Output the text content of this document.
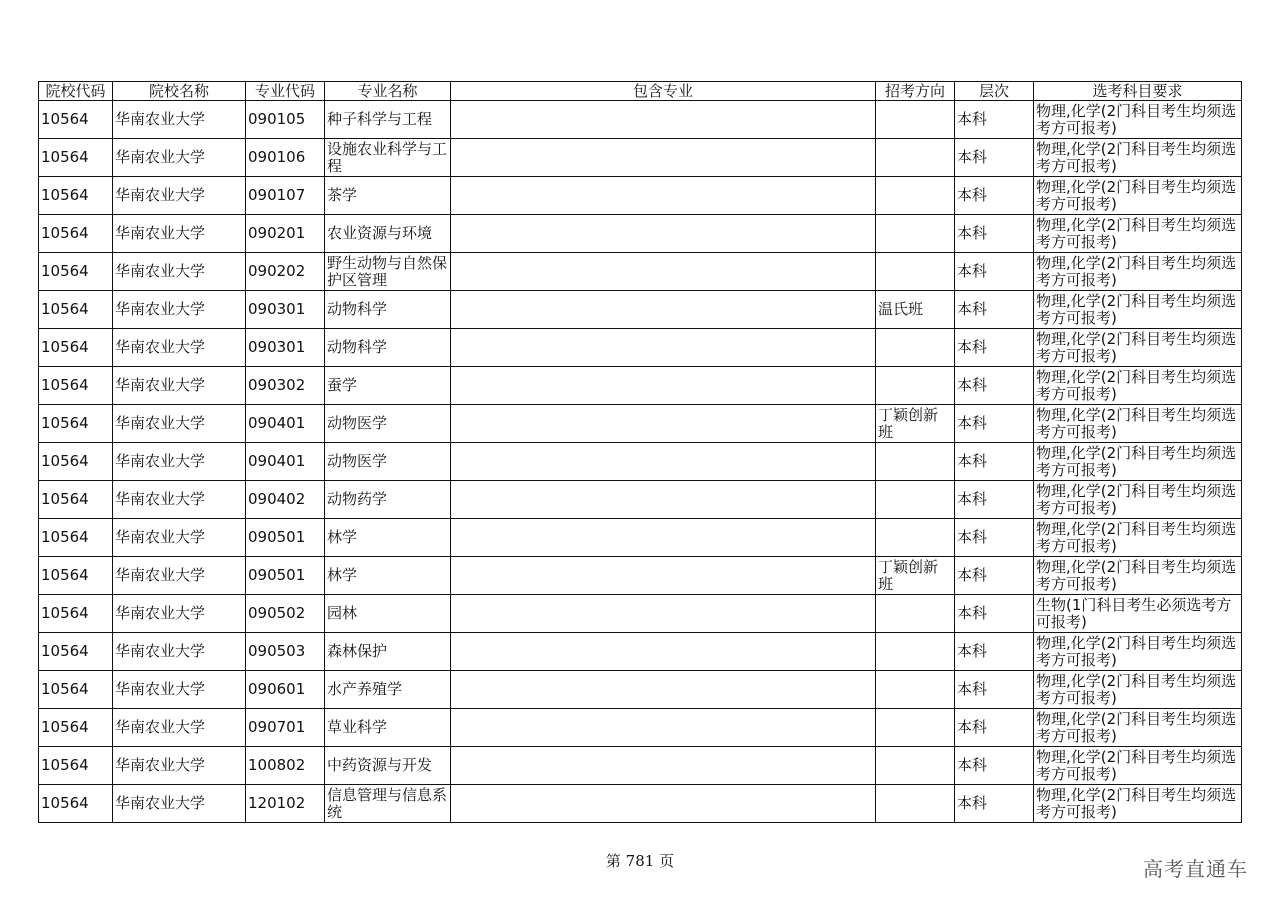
院校代码	院校名称	专业代码	专业名称	包含专业	招考方向	层次	选考科目要求
10564	华南农业大学	090105	种子科学与工程			本科	物理,化学(2门科目考生均须选考方可报考)
10564	华南农业大学	090106	设施农业科学与工程			本科	物理,化学(2门科目考生均须选考方可报考)
10564	华南农业大学	090107	茶学			本科	物理,化学(2门科目考生均须选考方可报考)
10564	华南农业大学	090201	农业资源与环境			本科	物理,化学(2门科目考生均须选考方可报考)
10564	华南农业大学	090202	野生动物与自然保护区管理			本科	物理,化学(2门科目考生均须选考方可报考)
10564	华南农业大学	090301	动物科学		温氏班	本科	物理,化学(2门科目考生均须选考方可报考)
10564	华南农业大学	090301	动物科学			本科	物理,化学(2门科目考生均须选考方可报考)
10564	华南农业大学	090302	蚕学			本科	物理,化学(2门科目考生均须选考方可报考)
10564	华南农业大学	090401	动物医学		丁颖创新班	本科	物理,化学(2门科目考生均须选考方可报考)
10564	华南农业大学	090401	动物医学			本科	物理,化学(2门科目考生均须选考方可报考)
10564	华南农业大学	090402	动物药学			本科	物理,化学(2门科目考生均须选考方可报考)
10564	华南农业大学	090501	林学			本科	物理,化学(2门科目考生均须选考方可报考)
10564	华南农业大学	090501	林学		丁颖创新班	本科	物理,化学(2门科目考生均须选考方可报考)
10564	华南农业大学	090502	园林			本科	生物(1门科目考生必须选考方可报考)
10564	华南农业大学	090503	森林保护			本科	物理,化学(2门科目考生均须选考方可报考)
10564	华南农业大学	090601	水产养殖学			本科	物理,化学(2门科目考生均须选考方可报考)
10564	华南农业大学	090701	草业科学			本科	物理,化学(2门科目考生均须选考方可报考)
10564	华南农业大学	100802	中药资源与开发			本科	物理,化学(2门科目考生均须选考方可报考)
10564	华南农业大学	120102	信息管理与信息系统			本科	物理,化学(2门科目考生均须选考方可报考)
第 781 页	高考直通车
